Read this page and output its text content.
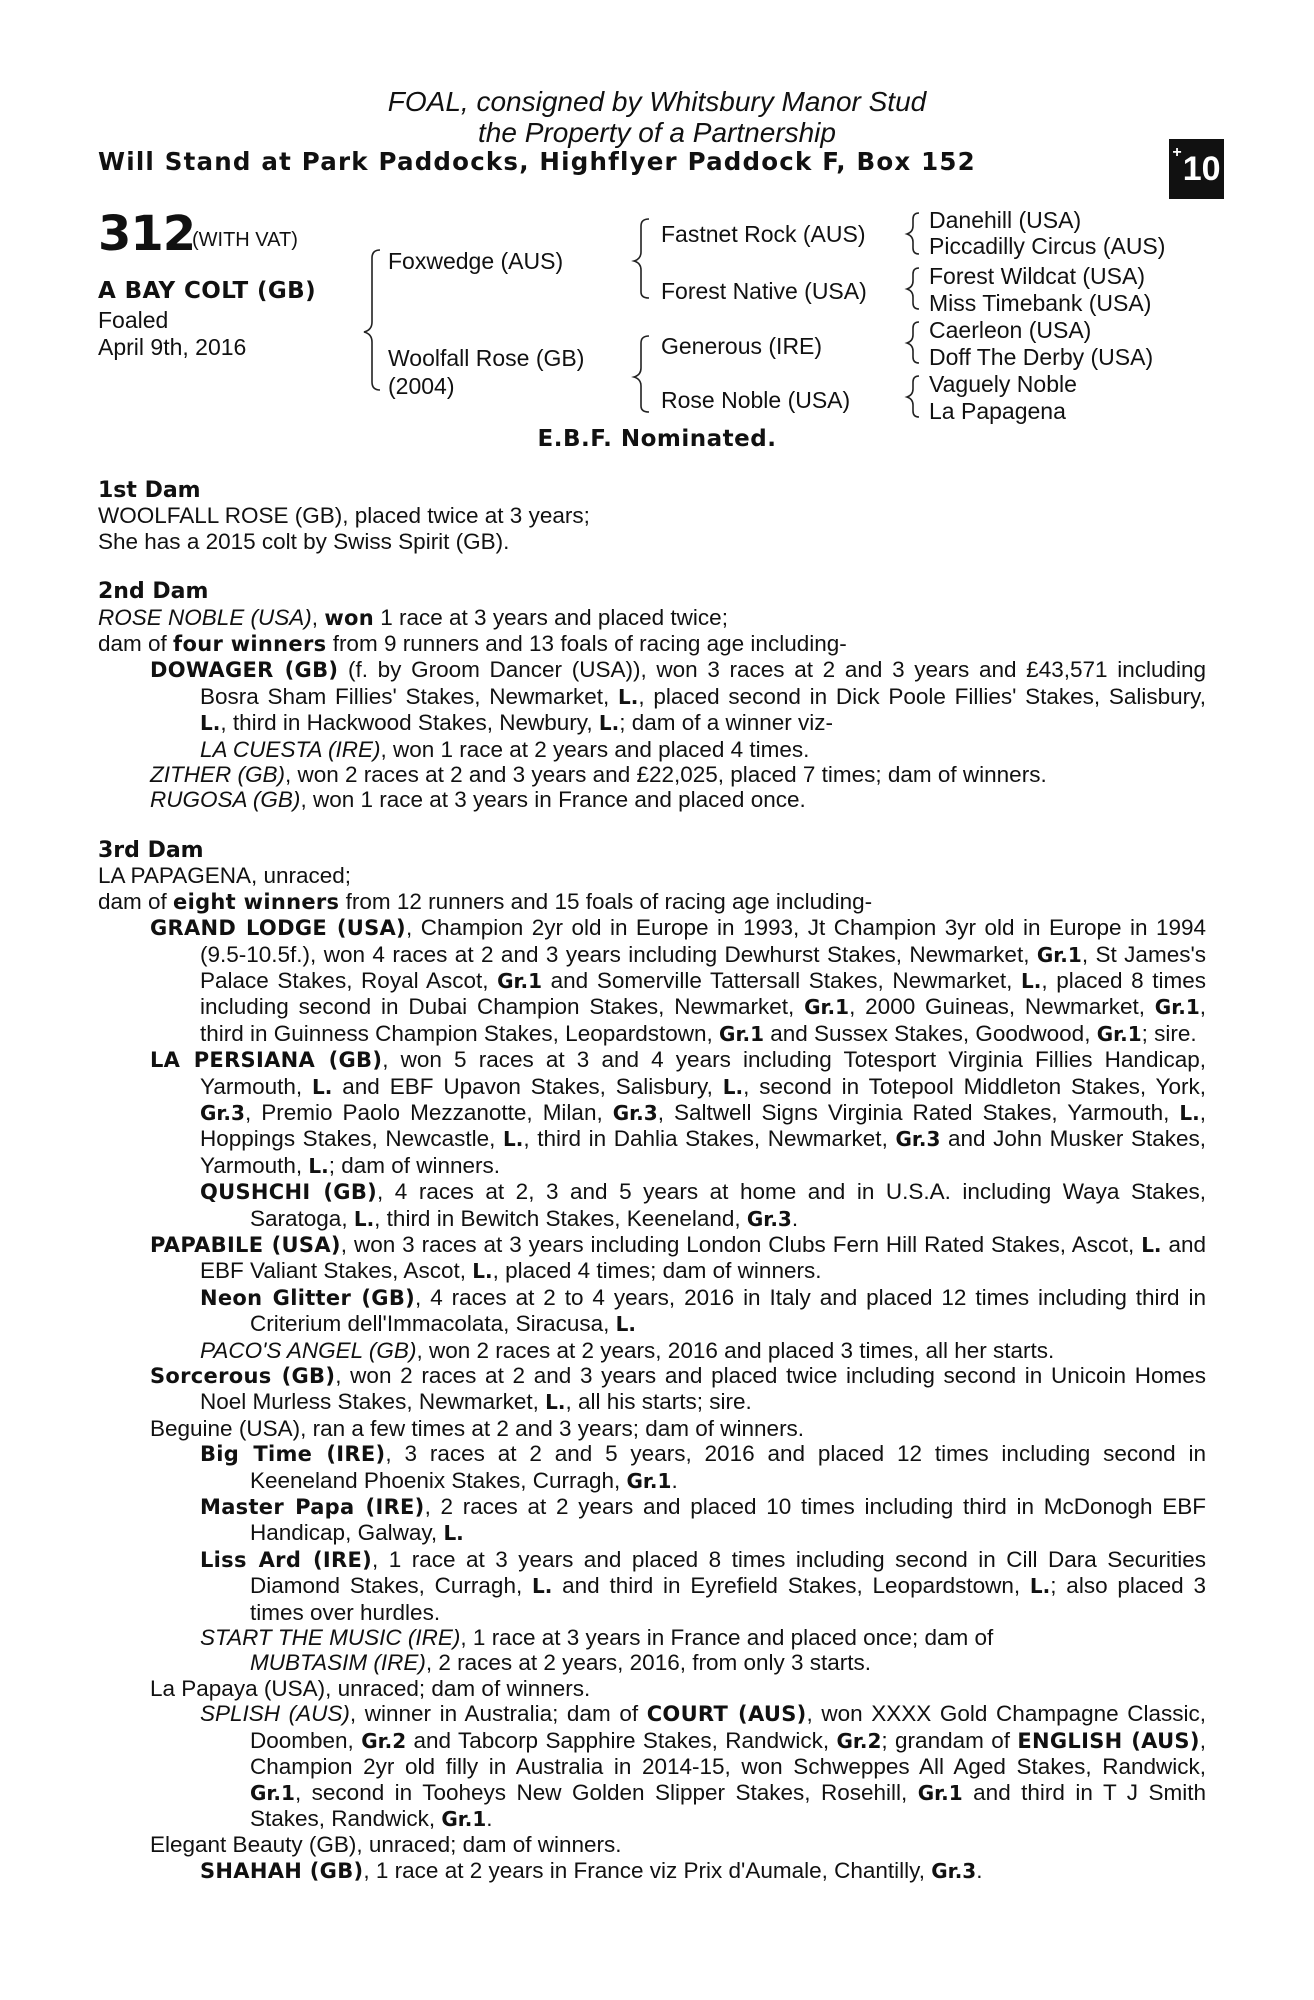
FOAL, consigned by Whitsbury Manor Stud

the Property of a Partnership

Will Stand at Park Paddocks, Highflyer Paddock F, Box 152	+ 10

312

(WITH VAT)

A BAY COLT (GB)

Foaled

April 9th, 2016

Foxwedge (AUS)

Woolfall Rose (GB)

(2004)

Fastnet Rock (AUS)

Forest Native (USA)

Generous (IRE)

Rose Noble (USA)

Danehill (USA)

Piccadilly Circus (AUS)

Forest Wildcat (USA)

Miss Timebank (USA)

Caerleon (USA)

Doff The Derby (USA)

Vaguely Noble

La Papagena

E.B.F. Nominated.

1st Dam

WOOLFALL ROSE (GB), placed twice at 3 years;

She has a 2015 colt by Swiss Spirit (GB).

2nd Dam

ROSE NOBLE (USA), won 1 race at 3 years and placed twice;

dam of four winners from 9 runners and 13 foals of racing age including-

DOWAGER (GB) (f. by Groom Dancer (USA)), won 3 races at 2 and 3 years and £43,571 including Bosra Sham Fillies' Stakes, Newmarket, L., placed second in Dick Poole Fillies' Stakes, Salisbury, L., third in Hackwood Stakes, Newbury, L.; dam of a winner viz-

LA CUESTA (IRE), won 1 race at 2 years and placed 4 times.

ZITHER (GB), won 2 races at 2 and 3 years and £22,025, placed 7 times; dam of winners.

RUGOSA (GB), won 1 race at 3 years in France and placed once.

3rd Dam

LA PAPAGENA, unraced;

dam of eight winners from 12 runners and 15 foals of racing age including-

GRAND LODGE (USA), Champion 2yr old in Europe in 1993, Jt Champion 3yr old in Europe in 1994 (9.5-10.5f.), won 4 races at 2 and 3 years including Dewhurst Stakes, Newmarket, Gr.1, St James's Palace Stakes, Royal Ascot, Gr.1 and Somerville Tattersall Stakes, Newmarket, L., placed 8 times including second in Dubai Champion Stakes, Newmarket, Gr.1, 2000 Guineas, Newmarket, Gr.1, third in Guinness Champion Stakes, Leopardstown, Gr.1 and Sussex Stakes, Goodwood, Gr.1; sire.

LA PERSIANA (GB), won 5 races at 3 and 4 years including Totesport Virginia Fillies Handicap, Yarmouth, L. and EBF Upavon Stakes, Salisbury, L., second in Totepool Middleton Stakes, York, Gr.3, Premio Paolo Mezzanotte, Milan, Gr.3, Saltwell Signs Virginia Rated Stakes, Yarmouth, L., Hoppings Stakes, Newcastle, L., third in Dahlia Stakes, Newmarket, Gr.3 and John Musker Stakes, Yarmouth, L.; dam of winners.

QUSHCHI (GB), 4 races at 2, 3 and 5 years at home and in U.S.A. including Waya Stakes, Saratoga, L., third in Bewitch Stakes, Keeneland, Gr.3.

PAPABILE (USA), won 3 races at 3 years including London Clubs Fern Hill Rated Stakes, Ascot, L. and EBF Valiant Stakes, Ascot, L., placed 4 times; dam of winners.

Neon Glitter (GB), 4 races at 2 to 4 years, 2016 in Italy and placed 12 times including third in Criterium dell'Immacolata, Siracusa, L.

PACO'S ANGEL (GB), won 2 races at 2 years, 2016 and placed 3 times, all her starts.

Sorcerous (GB), won 2 races at 2 and 3 years and placed twice including second in Unicoin Homes Noel Murless Stakes, Newmarket, L., all his starts; sire.

Beguine (USA), ran a few times at 2 and 3 years; dam of winners.

Big Time (IRE), 3 races at 2 and 5 years, 2016 and placed 12 times including second in Keeneland Phoenix Stakes, Curragh, Gr.1.

Master Papa (IRE), 2 races at 2 years and placed 10 times including third in McDonogh EBF Handicap, Galway, L.

Liss Ard (IRE), 1 race at 3 years and placed 8 times including second in Cill Dara Securities Diamond Stakes, Curragh, L. and third in Eyrefield Stakes, Leopardstown, L.; also placed 3 times over hurdles.

START THE MUSIC (IRE), 1 race at 3 years in France and placed once; dam of

MUBTASIM (IRE), 2 races at 2 years, 2016, from only 3 starts.

La Papaya (USA), unraced; dam of winners.

SPLISH (AUS), winner in Australia; dam of COURT (AUS), won XXXX Gold Champagne Classic, Doomben, Gr.2 and Tabcorp Sapphire Stakes, Randwick, Gr.2; grandam of ENGLISH (AUS), Champion 2yr old filly in Australia in 2014-15, won Schweppes All Aged Stakes, Randwick, Gr.1, second in Tooheys New Golden Slipper Stakes, Rosehill, Gr.1 and third in T J Smith Stakes, Randwick, Gr.1.

Elegant Beauty (GB), unraced; dam of winners.

SHAHAH (GB), 1 race at 2 years in France viz Prix d'Aumale, Chantilly, Gr.3.
